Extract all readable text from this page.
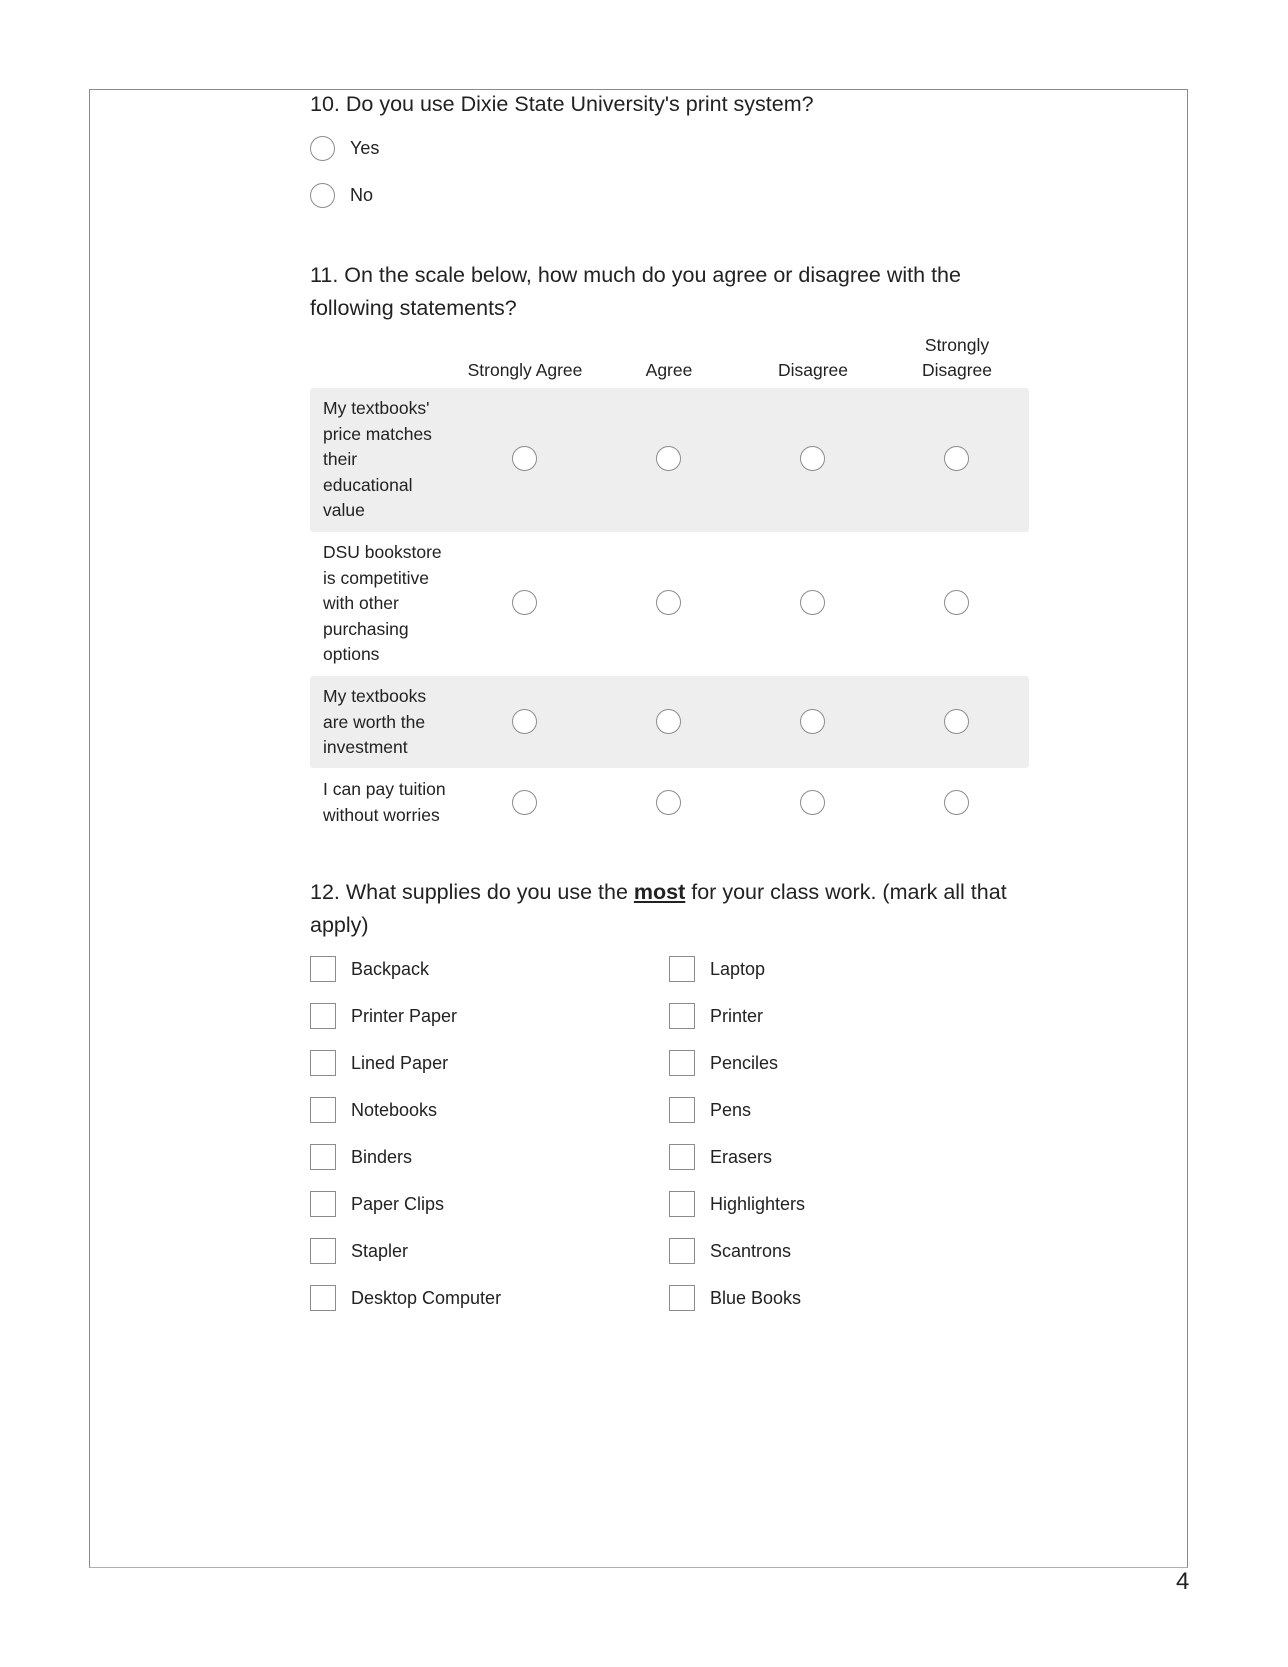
10. Do you use Dixie State University's print system?
Yes
No
11. On the scale below, how much do you agree or disagree with the
following statements?
Strongly Agree	Agree	Disagree
Strongly
Disagree
My textbooks'
price matches
their
educational
value
DSU bookstore
is competitive
with other
purchasing
options
My textbooks
are worth the
investment
I can pay tuition
without worries
12. What supplies do you use the most for your class work. (mark all that
apply)
Backpack
Printer Paper
Lined Paper
Notebooks
Binders
Paper Clips
Stapler
Desktop Computer
Laptop
Printer
Penciles
Pens
Erasers
Highlighters
Scantrons
Blue Books
4
